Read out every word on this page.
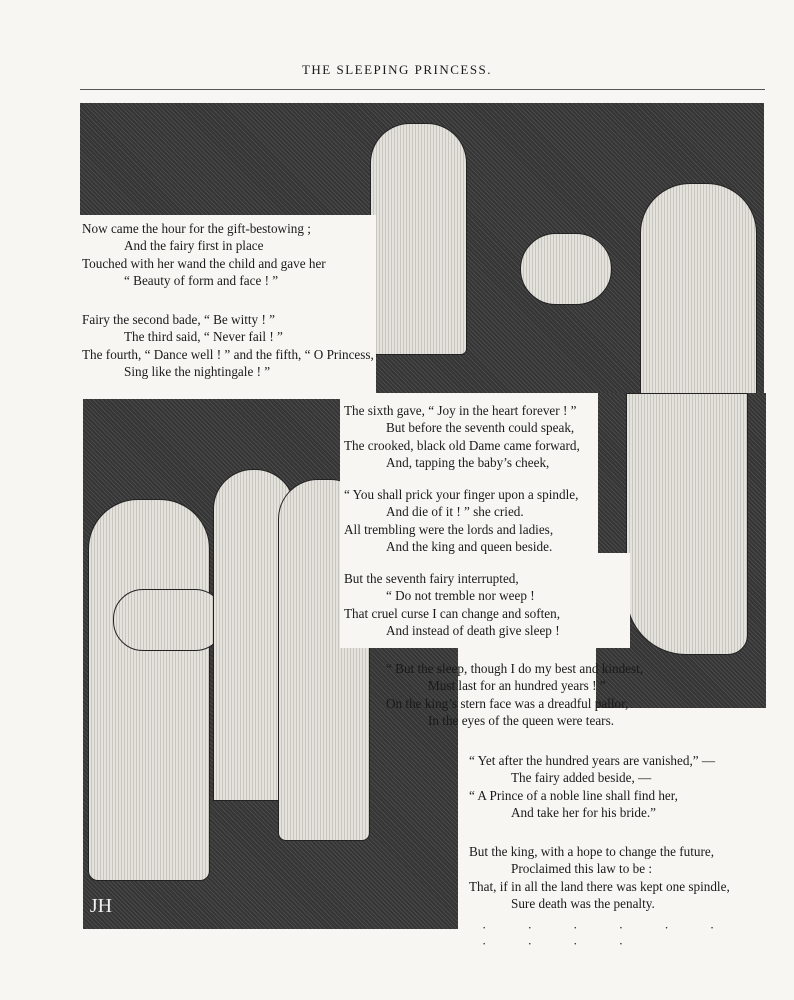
THE SLEEPING PRINCESS.
JH
Now came the hour for the gift-bestowing ;
And the fairy first in place
Touched with her wand the child and gave her
“ Beauty of form and face ! ”
Fairy the second bade, “ Be witty ! ”
The third said, “ Never fail ! ”
The fourth, “ Dance well ! ” and the fifth, “ O Princess,
Sing like the nightingale ! ”
The sixth gave, “ Joy in the heart forever ! ”
But before the seventh could speak,
The crooked, black old Dame came forward,
And, tapping the baby’s cheek,
“ You shall prick your finger upon a spindle,
And die of it ! ” she cried.
All trembling were the lords and ladies,
And the king and queen beside.
But the seventh fairy interrupted,
“ Do not tremble nor weep !
That cruel curse I can change and soften,
And instead of death give sleep !
“ But the sleep, though I do my best and kindest,
Must last for an hundred years ! ”
On the king’s stern face was a dreadful pallor,
In the eyes of the queen were tears.
“ Yet after the hundred years are vanished,” —
The fairy added beside, —
“ A Prince of a noble line shall find her,
And take her for his bride.”
But the king, with a hope to change the future,
Proclaimed this law to be :
That, if in all the land there was kept one spindle,
Sure death was the penalty.
· · · · · · · · · ·
